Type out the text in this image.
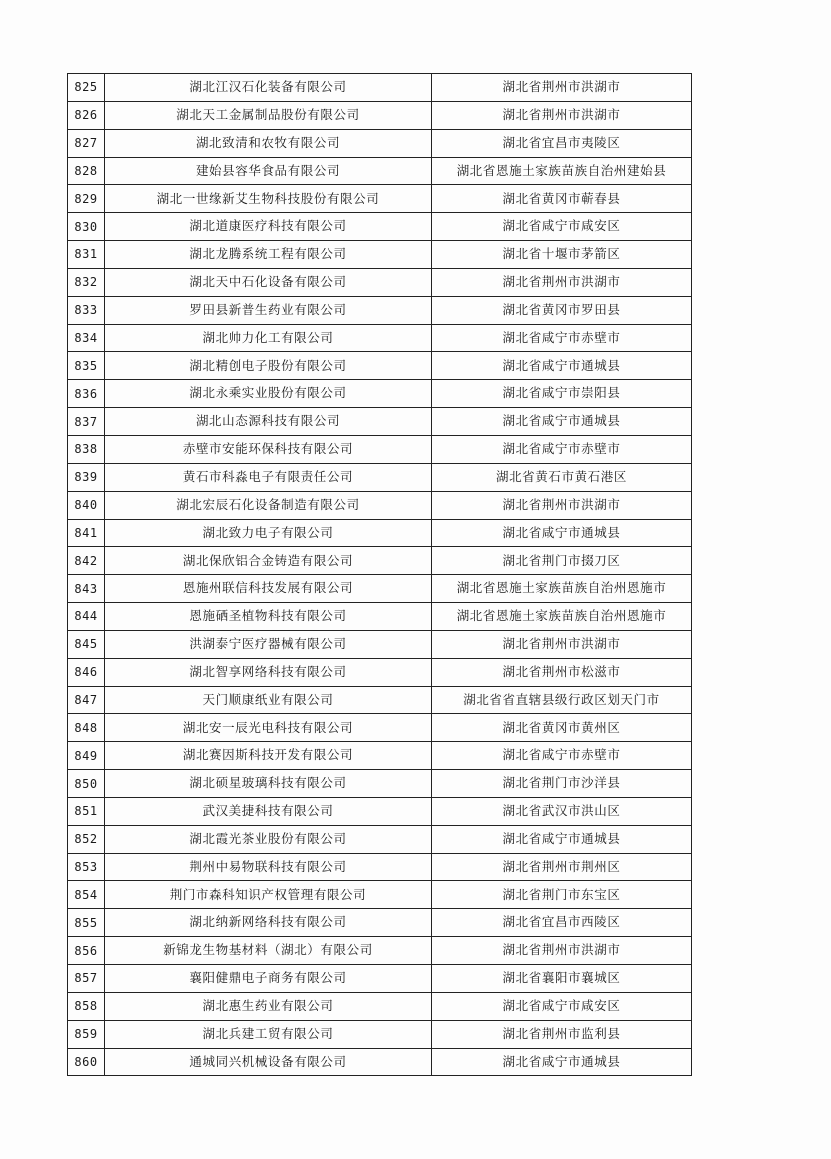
825	湖北江汉石化装备有限公司	湖北省荆州市洪湖市
826	湖北天工金属制品股份有限公司	湖北省荆州市洪湖市
827	湖北致清和农牧有限公司	湖北省宜昌市夷陵区
828	建始县容华食品有限公司	湖北省恩施土家族苗族自治州建始县
829	湖北一世缘新艾生物科技股份有限公司	湖北省黄冈市蕲春县
830	湖北道康医疗科技有限公司	湖北省咸宁市咸安区
831	湖北龙腾系统工程有限公司	湖北省十堰市茅箭区
832	湖北天中石化设备有限公司	湖北省荆州市洪湖市
833	罗田县新普生药业有限公司	湖北省黄冈市罗田县
834	湖北帅力化工有限公司	湖北省咸宁市赤壁市
835	湖北精创电子股份有限公司	湖北省咸宁市通城县
836	湖北永乘实业股份有限公司	湖北省咸宁市崇阳县
837	湖北山态源科技有限公司	湖北省咸宁市通城县
838	赤壁市安能环保科技有限公司	湖北省咸宁市赤壁市
839	黄石市科淼电子有限责任公司	湖北省黄石市黄石港区
840	湖北宏辰石化设备制造有限公司	湖北省荆州市洪湖市
841	湖北致力电子有限公司	湖北省咸宁市通城县
842	湖北保欣铝合金铸造有限公司	湖北省荆门市掇刀区
843	恩施州联信科技发展有限公司	湖北省恩施土家族苗族自治州恩施市
844	恩施硒圣植物科技有限公司	湖北省恩施土家族苗族自治州恩施市
845	洪湖泰宁医疗器械有限公司	湖北省荆州市洪湖市
846	湖北智享网络科技有限公司	湖北省荆州市松滋市
847	天门顺康纸业有限公司	湖北省省直辖县级行政区划天门市
848	湖北安一辰光电科技有限公司	湖北省黄冈市黄州区
849	湖北赛因斯科技开发有限公司	湖北省咸宁市赤壁市
850	湖北硕星玻璃科技有限公司	湖北省荆门市沙洋县
851	武汉美捷科技有限公司	湖北省武汉市洪山区
852	湖北霞光茶业股份有限公司	湖北省咸宁市通城县
853	荆州中易物联科技有限公司	湖北省荆州市荆州区
854	荆门市森科知识产权管理有限公司	湖北省荆门市东宝区
855	湖北纳新网络科技有限公司	湖北省宜昌市西陵区
856	新锦龙生物基材料（湖北）有限公司	湖北省荆州市洪湖市
857	襄阳健鼎电子商务有限公司	湖北省襄阳市襄城区
858	湖北惠生药业有限公司	湖北省咸宁市咸安区
859	湖北兵建工贸有限公司	湖北省荆州市监利县
860	通城同兴机械设备有限公司	湖北省咸宁市通城县
